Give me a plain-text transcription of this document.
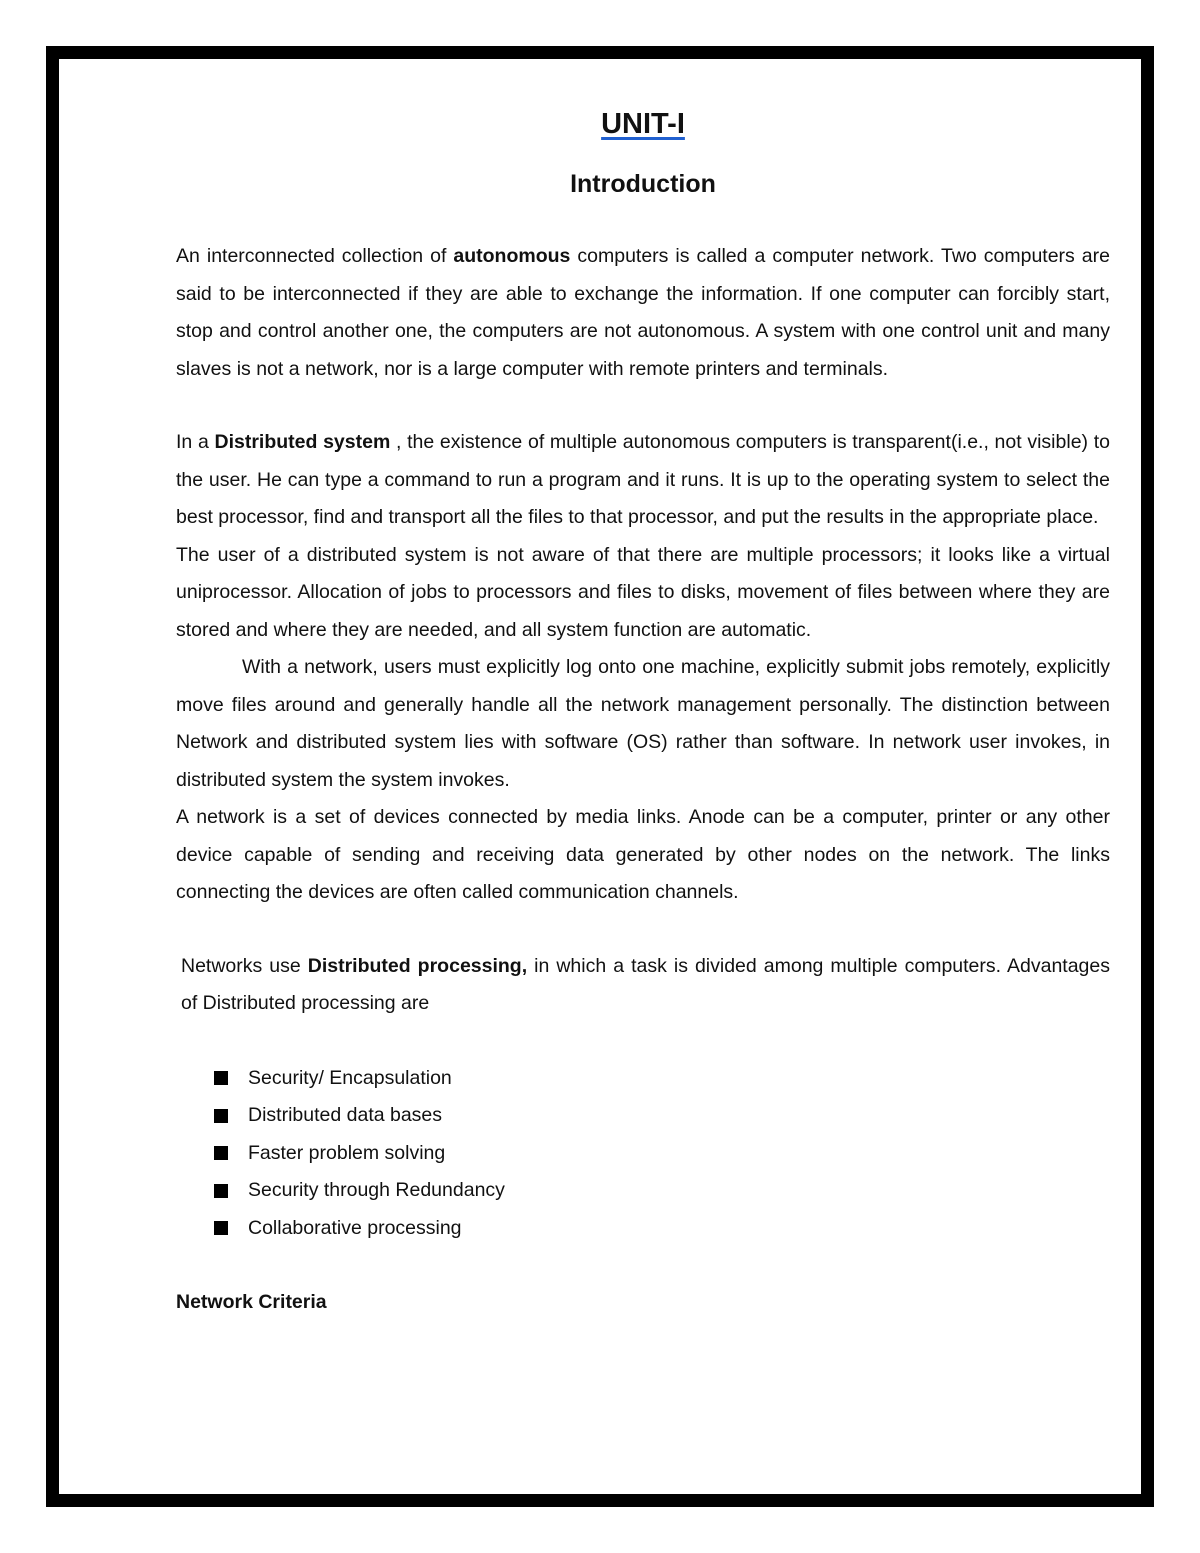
UNIT-I
Introduction

An interconnected collection of autonomous computers is called a computer network. Two computers are said to be interconnected if they are able to exchange the information. If one computer can forcibly start, stop and control another one, the computers are not autonomous. A system with one control unit and many slaves is not a network, nor is a large computer with remote printers and terminals.

In a Distributed system , the existence of multiple autonomous computers is transparent(i.e., not visible) to the user. He can type a command to run a program and it runs. It is up to the operating system to select the best processor, find and transport all the files to that processor, and put the results in the appropriate place.

The user of a distributed system is not aware of that there are multiple processors; it looks like a virtual uniprocessor. Allocation of jobs to processors and files to disks, movement of files between where they are stored and where they are needed, and all system function are automatic.

With a network, users must explicitly log onto one machine, explicitly submit jobs remotely, explicitly move files around and generally handle all the network management personally. The distinction between Network and distributed system lies with software (OS) rather than software. In network user invokes, in distributed system the system invokes.

A network is a set of devices connected by media links. Anode can be a computer, printer or any other device capable of sending and receiving data generated by other nodes on the network. The links connecting the devices are often called communication channels.

Networks use Distributed processing, in which a task is divided among multiple computers. Advantages of Distributed processing are

Security/ Encapsulation
Distributed data bases
Faster problem solving
Security through Redundancy
Collaborative processing
Network Criteria
